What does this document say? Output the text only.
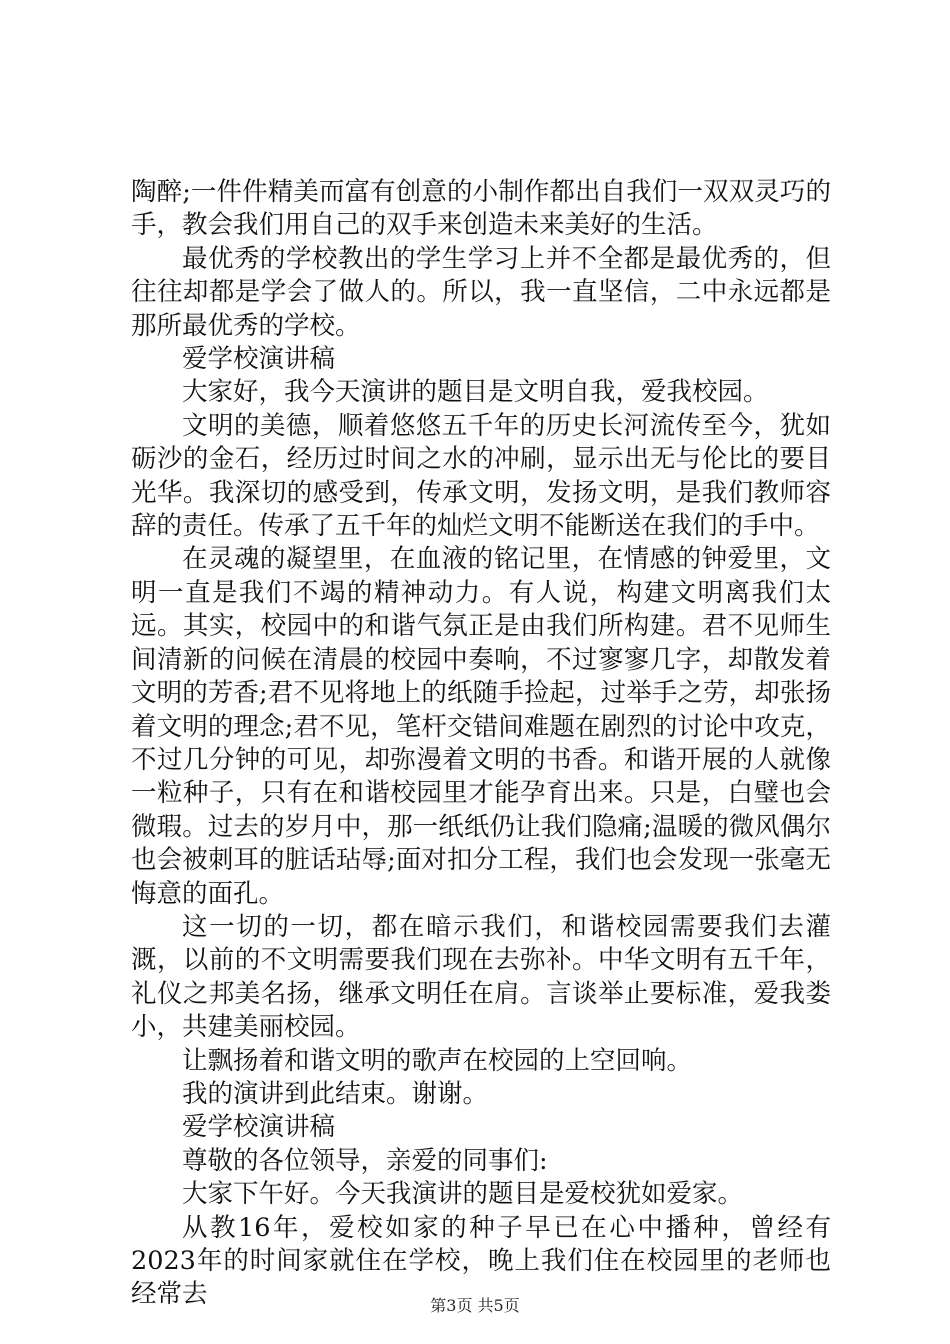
陶醉;一件件精美而富有创意的小制作都出自我们一双双灵巧的手，教会我们用自己的双手来创造未来美好的生活。

最优秀的学校教出的学生学习上并不全都是最优秀的，但往往却都是学会了做人的。所以，我一直坚信，二中永远都是那所最优秀的学校。

爱学校演讲稿

大家好，我今天演讲的题目是文明自我，爱我校园。

文明的美德，顺着悠悠五千年的历史长河流传至今，犹如砺沙的金石，经历过时间之水的冲刷，显示出无与伦比的要目光华。我深切的感受到，传承文明，发扬文明，是我们教师容辞的责任。传承了五千年的灿烂文明不能断送在我们的手中。

在灵魂的凝望里，在血液的铭记里，在情感的钟爱里，文明一直是我们不竭的精神动力。有人说，构建文明离我们太远。其实，校园中的和谐气氛正是由我们所构建。君不见师生间清新的问候在清晨的校园中奏响，不过寥寥几字，却散发着文明的芳香;君不见将地上的纸随手捡起，过举手之劳，却张扬着文明的理念;君不见，笔杆交错间难题在剧烈的讨论中攻克，不过几分钟的可见，却弥漫着文明的书香。和谐开展的人就像一粒种子，只有在和谐校园里才能孕育出来。只是，白璧也会微瑕。过去的岁月中，那一纸纸仍让我们隐痛;温暖的微风偶尔也会被刺耳的脏话玷辱;面对扣分工程，我们也会发现一张毫无悔意的面孔。

这一切的一切，都在暗示我们，和谐校园需要我们去灌溉，以前的不文明需要我们现在去弥补。中华文明有五千年，礼仪之邦美名扬，继承文明任在肩。言谈举止要标准，爱我娄小，共建美丽校园。

让飘扬着和谐文明的歌声在校园的上空回响。

我的演讲到此结束。谢谢。

爱学校演讲稿

尊敬的各位领导，亲爱的同事们:

大家下午好。今天我演讲的题目是爱校犹如爱家。

从教16年，爱校如家的种子早已在心中播种，曾经有2023年的时间家就住在学校，晚上我们住在校园里的老师也经常去	第3页 共5页
